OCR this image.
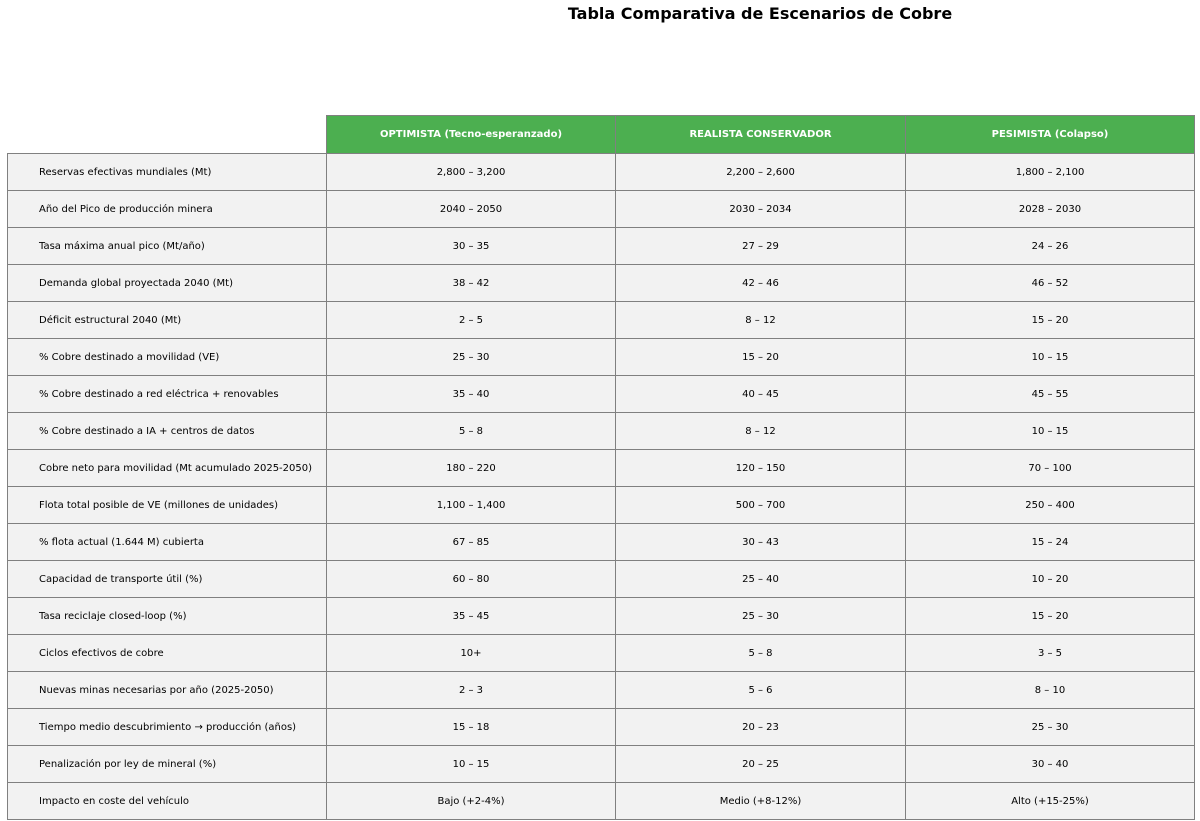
Tabla Comparativa de Escenarios de Cobre
	OPTIMISTA (Tecno-esperanzado)	REALISTA CONSERVADOR	PESIMISTA (Colapso)
Reservas efectivas mundiales (Mt)	2,800 – 3,200	2,200 – 2,600	1,800 – 2,100
Año del Pico de producción minera	2040 – 2050	2030 – 2034	2028 – 2030
Tasa máxima anual pico (Mt/año)	30 – 35	27 – 29	24 – 26
Demanda global proyectada 2040 (Mt)	38 – 42	42 – 46	46 – 52
Déficit estructural 2040 (Mt)	2 – 5	8 – 12	15 – 20
% Cobre destinado a movilidad (VE)	25 – 30	15 – 20	10 – 15
% Cobre destinado a red eléctrica + renovables	35 – 40	40 – 45	45 – 55
% Cobre destinado a IA + centros de datos	5 – 8	8 – 12	10 – 15
Cobre neto para movilidad (Mt acumulado 2025-2050)	180 – 220	120 – 150	70 – 100
Flota total posible de VE (millones de unidades)	1,100 – 1,400	500 – 700	250 – 400
% flota actual (1.644 M) cubierta	67 – 85	30 – 43	15 – 24
Capacidad de transporte útil (%)	60 – 80	25 – 40	10 – 20
Tasa reciclaje closed-loop (%)	35 – 45	25 – 30	15 – 20
Ciclos efectivos de cobre	10+	5 – 8	3 – 5
Nuevas minas necesarias por año (2025-2050)	2 – 3	5 – 6	8 – 10
Tiempo medio descubrimiento → producción (años)	15 – 18	20 – 23	25 – 30
Penalización por ley de mineral (%)	10 – 15	20 – 25	30 – 40
Impacto en coste del vehículo	Bajo (+2-4%)	Medio (+8-12%)	Alto (+15-25%)
